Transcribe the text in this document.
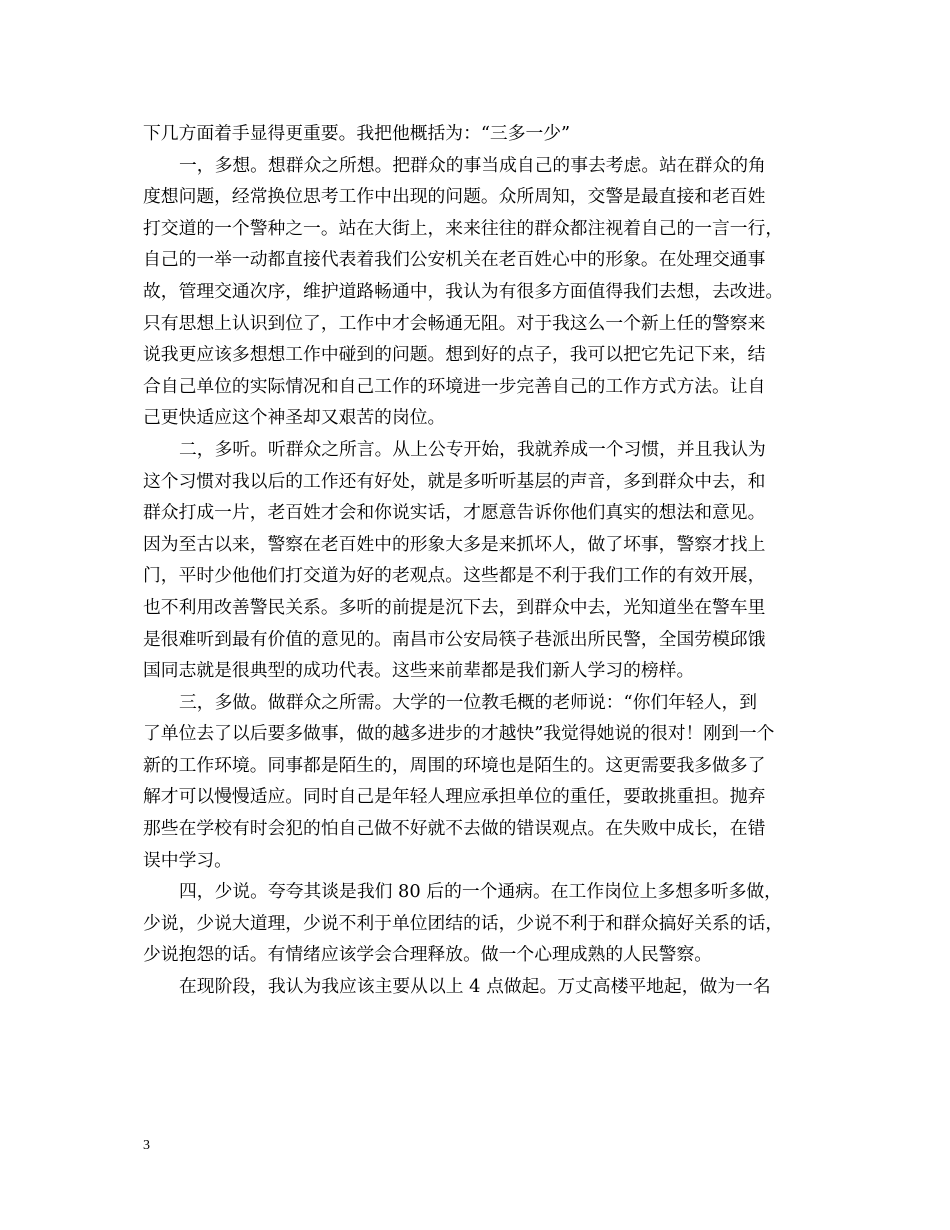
下几方面着手显得更重要。我把他概括为：“三多一少”
一，多想。想群众之所想。把群众的事当成自己的事去考虑。站在群众的角
度想问题，经常换位思考工作中出现的问题。众所周知，交警是最直接和老百姓
打交道的一个警种之一。站在大街上，来来往往的群众都注视着自己的一言一行，
自己的一举一动都直接代表着我们公安机关在老百姓心中的形象。在处理交通事
故，管理交通次序，维护道路畅通中，我认为有很多方面值得我们去想，去改进。
只有思想上认识到位了，工作中才会畅通无阻。对于我这么一个新上任的警察来
说我更应该多想想工作中碰到的问题。想到好的点子，我可以把它先记下来，结
合自己单位的实际情况和自己工作的环境进一步完善自己的工作方式方法。让自
己更快适应这个神圣却又艰苦的岗位。
二，多听。听群众之所言。从上公专开始，我就养成一个习惯，并且我认为
这个习惯对我以后的工作还有好处，就是多听听基层的声音，多到群众中去，和
群众打成一片，老百姓才会和你说实话，才愿意告诉你他们真实的想法和意见。
因为至古以来，警察在老百姓中的形象大多是来抓坏人，做了坏事，警察才找上
门，平时少他他们打交道为好的老观点。这些都是不利于我们工作的有效开展，
也不利用改善警民关系。多听的前提是沉下去，到群众中去，光知道坐在警车里
是很难听到最有价值的意见的。南昌市公安局筷子巷派出所民警，全国劳模邱饿
国同志就是很典型的成功代表。这些来前辈都是我们新人学习的榜样。
三，多做。做群众之所需。大学的一位教毛概的老师说：“你们年轻人，到
了单位去了以后要多做事，做的越多进步的才越快”我觉得她说的很对！刚到一个
新的工作环境。同事都是陌生的，周围的环境也是陌生的。这更需要我多做多了
解才可以慢慢适应。同时自己是年轻人理应承担单位的重任，要敢挑重担。抛弃
那些在学校有时会犯的怕自己做不好就不去做的错误观点。在失败中成长，在错
误中学习。
四，少说。夸夸其谈是我们 80 后的一个通病。在工作岗位上多想多听多做，
少说，少说大道理，少说不利于单位团结的话，少说不利于和群众搞好关系的话，
少说抱怨的话。有情绪应该学会合理释放。做一个心理成熟的人民警察。
在现阶段，我认为我应该主要从以上 4 点做起。万丈高楼平地起，做为一名
3
